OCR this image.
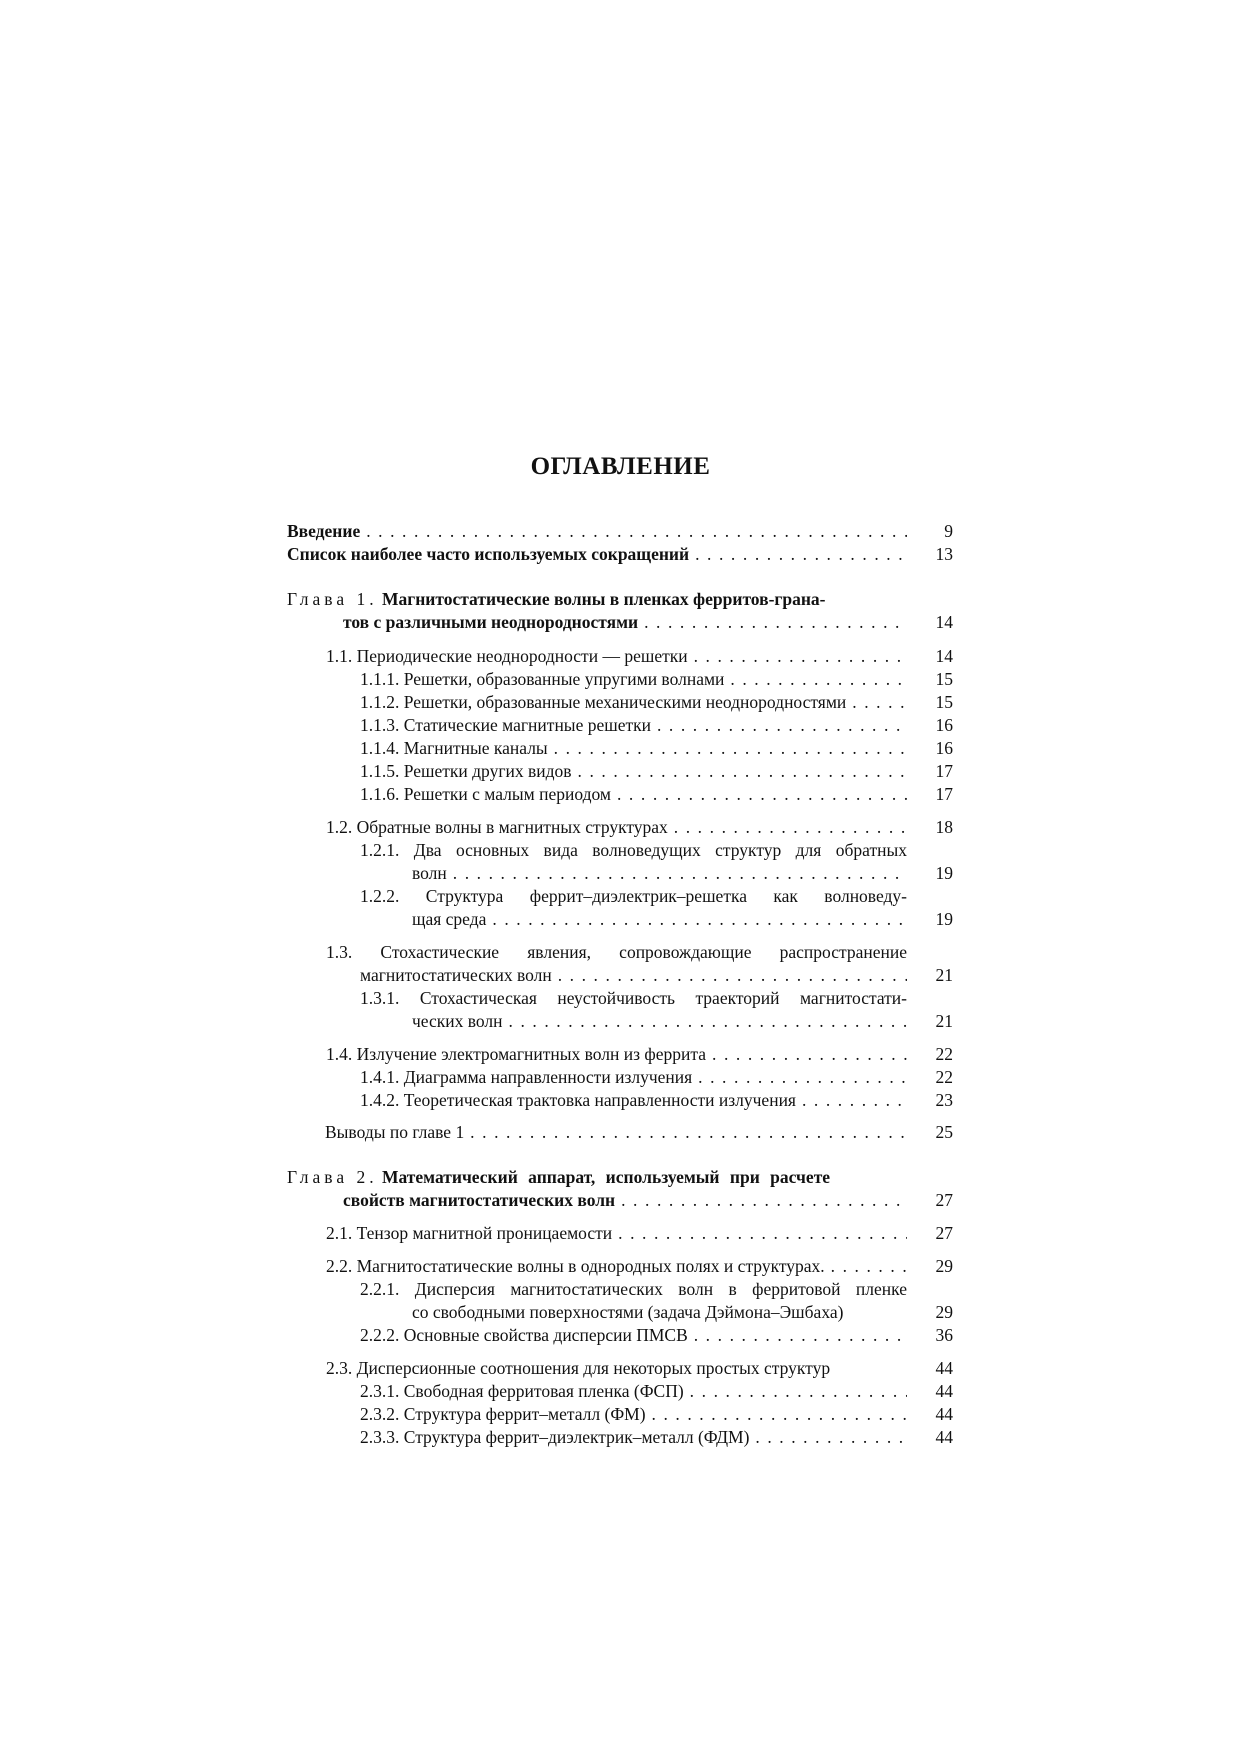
ОГЛАВЛЕНИЕ
Введение . . .	9
Список наиболее часто используемых сокращений . . .	13
Глава 1. Магнитостатические волны в пленках ферритов-грана-
тов с различными неоднородностями . . .	14
1.1. Периодические неоднородности — решетки . . .	14
1.1.1. Решетки, образованные упругими волнами . . .	15
1.1.2. Решетки, образованные механическими неоднородностями . . .	15
1.1.3. Статические магнитные решетки . . .	16
1.1.4. Магнитные каналы . . .	16
1.1.5. Решетки других видов . . .	17
1.1.6. Решетки с малым периодом . . .	17
1.2. Обратные волны в магнитных структурах . . .	18
1.2.1. Два основных вида волноведущих структур для обратных
волн . . .	19
1.2.2. Структура феррит–диэлектрик–решетка как волноведу-
щая среда . . .	19
1.3. Стохастические явления, сопровождающие распространение
магнитостатических волн . . .	21
1.3.1. Стохастическая неустойчивость траекторий магнитостати-
ческих волн . . .	21
1.4. Излучение электромагнитных волн из феррита . . .	22
1.4.1. Диаграмма направленности излучения . . .	22
1.4.2. Теоретическая трактовка направленности излучения . . .	23
Выводы по главе 1 . . .	25
Глава 2. Математический аппарат, используемый при расчете
свойств магнитостатических волн . . .	27
2.1. Тензор магнитной проницаемости . . .	27
2.2. Магнитостатические волны в однородных полях и структурах. . . .	29
2.2.1. Дисперсия магнитостатических волн в ферритовой пленке
со свободными поверхностями (задача Дэймона–Эшбаха)	29
2.2.2. Основные свойства дисперсии ПМСВ . . .	36
2.3. Дисперсионные соотношения для некоторых простых структур	44
2.3.1. Свободная ферритовая пленка (ФСП) . . .	44
2.3.2. Структура феррит–металл (ФМ) . . .	44
2.3.3. Структура феррит–диэлектрик–металл (ФДМ) . . .	44
